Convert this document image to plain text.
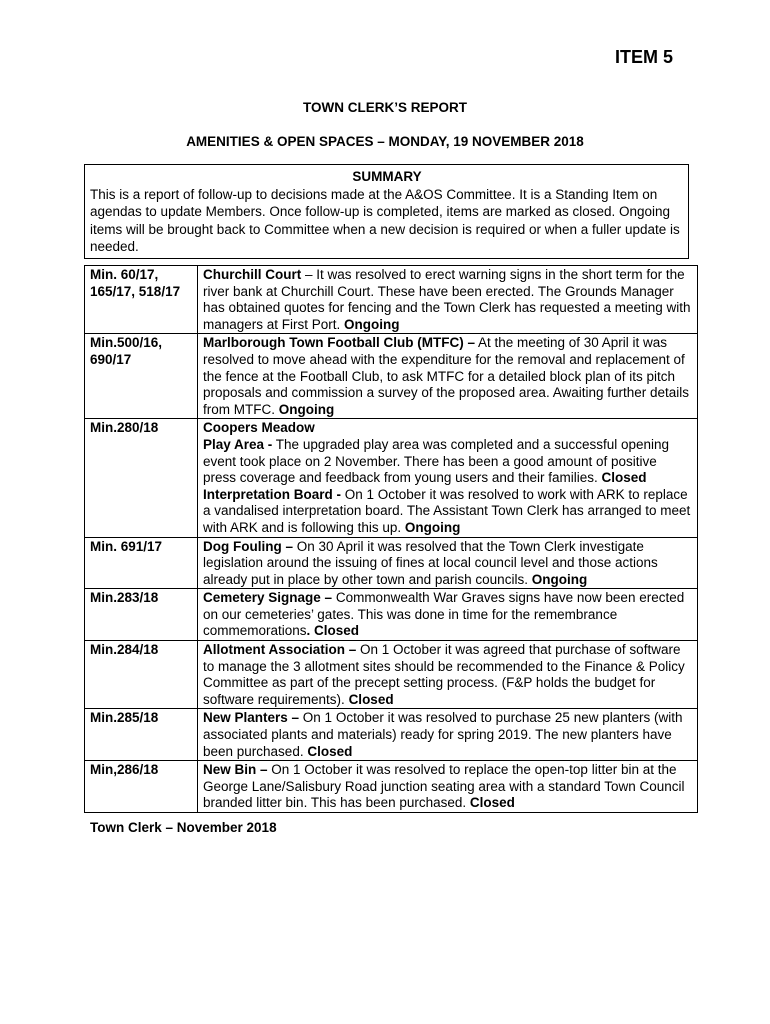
ITEM 5
TOWN CLERK’S REPORT
AMENITIES & OPEN SPACES – MONDAY, 19 NOVEMBER 2018
SUMMARY
This is a report of follow-up to decisions made at the A&OS Committee. It is a Standing Item on agendas to update Members. Once follow-up is completed, items are marked as closed. Ongoing items will be brought back to Committee when a new decision is required or when a fuller update is needed.
Min. 60/17, 165/17, 518/17	Churchill Court – It was resolved to erect warning signs in the short term for the river bank at Churchill Court. These have been erected. The Grounds Manager has obtained quotes for fencing and the Town Clerk has requested a meeting with managers at First Port. Ongoing
Min.500/16, 690/17	Marlborough Town Football Club (MTFC) – At the meeting of 30 April it was resolved to move ahead with the expenditure for the removal and replacement of the fence at the Football Club, to ask MTFC for a detailed block plan of its pitch proposals and commission a survey of the proposed area. Awaiting further details from MTFC. Ongoing
Min.280/18	Coopers Meadow
Play Area - The upgraded play area was completed and a successful opening event took place on 2 November. There has been a good amount of positive press coverage and feedback from young users and their families. Closed
Interpretation Board - On 1 October it was resolved to work with ARK to replace a vandalised interpretation board. The Assistant Town Clerk has arranged to meet with ARK and is following this up. Ongoing

Min. 691/17	Dog Fouling – On 30 April it was resolved that the Town Clerk investigate legislation around the issuing of fines at local council level and those actions already put in place by other town and parish councils. Ongoing
Min.283/18	Cemetery Signage – Commonwealth War Graves signs have now been erected on our cemeteries’ gates. This was done in time for the remembrance commemorations. Closed
Min.284/18	Allotment Association – On 1 October it was agreed that purchase of software to manage the 3 allotment sites should be recommended to the Finance & Policy Committee as part of the precept setting process. (F&P holds the budget for software requirements). Closed
Min.285/18	New Planters – On 1 October it was resolved to purchase 25 new planters (with associated plants and materials) ready for spring 2019. The new planters have been purchased. Closed
Min,286/18	New Bin – On 1 October it was resolved to replace the open-top litter bin at the George Lane/Salisbury Road junction seating area with a standard Town Council branded litter bin. This has been purchased. Closed
Town Clerk – November 2018
